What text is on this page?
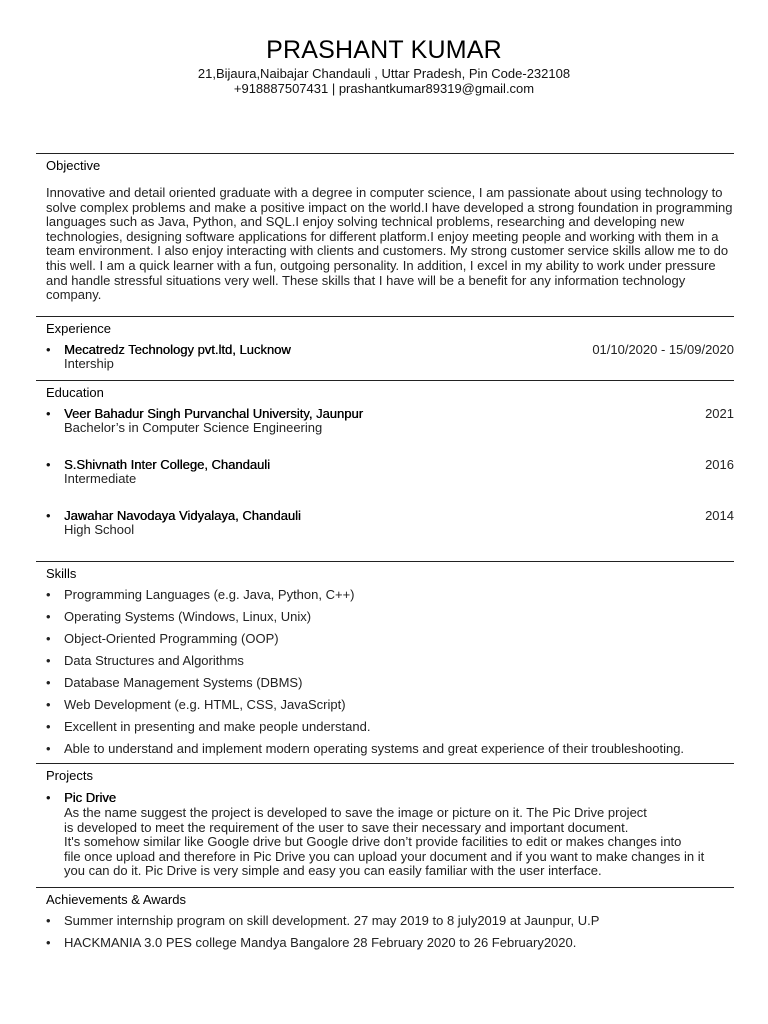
PRASHANT KUMAR
21,Bijaura,Naibajar Chandauli , Uttar Pradesh, Pin Code-232108
+918887507431 | prashantkumar89319@gmail.com
Objective
Innovative and detail oriented graduate with a degree in computer science, I am passionate about using technology to solve complex problems and make a positive impact on the world.I have developed a strong foundation in programming languages such as Java, Python, and SQL.I enjoy solving technical problems, researching and developing new technologies, designing software applications for different platform.I enjoy meeting people and working with them in a team environment. I also enjoy interacting with clients and customers. My strong customer service skills allow me to do this well. I am a quick learner with a fun, outgoing personality. In addition, I excel in my ability to work under pressure and handle stressful situations very well. These skills that I have will be a benefit for any information technology company.
Experience
• Mecatredz Technology pvt.ltd, Lucknow	01/10/2020 - 15/09/2020
Intership
Education
• Veer Bahadur Singh Purvanchal University, Jaunpur	2021
Bachelor’s in Computer Science Engineering
• S.Shivnath Inter College, Chandauli	2016
Intermediate
• Jawahar Navodaya Vidyalaya, Chandauli	2014
High School
Skills
• Programming Languages (e.g. Java, Python, C++)
• Operating Systems (Windows, Linux, Unix)
• Object-Oriented Programming (OOP)
• Data Structures and Algorithms
• Database Management Systems (DBMS)
• Web Development (e.g. HTML, CSS, JavaScript)
• Excellent in presenting and make people understand.
• Able to understand and implement modern operating systems and great experience of their troubleshooting.
Projects
• Pic Drive
As the name suggest the project is developed to save the image or picture on it. The Pic Drive project
is developed to meet the requirement of the user to save their necessary and important document.
It's somehow similar like Google drive but Google drive don’t provide facilities to edit or makes changes into
file once upload and therefore in Pic Drive you can upload your document and if you want to make changes in it
you can do it. Pic Drive is very simple and easy you can easily familiar with the user interface.
Achievements & Awards
• Summer internship program on skill development. 27 may 2019 to 8 july2019 at Jaunpur, U.P
• HACKMANIA 3.0 PES college Mandya Bangalore 28 February 2020 to 26 February2020.
